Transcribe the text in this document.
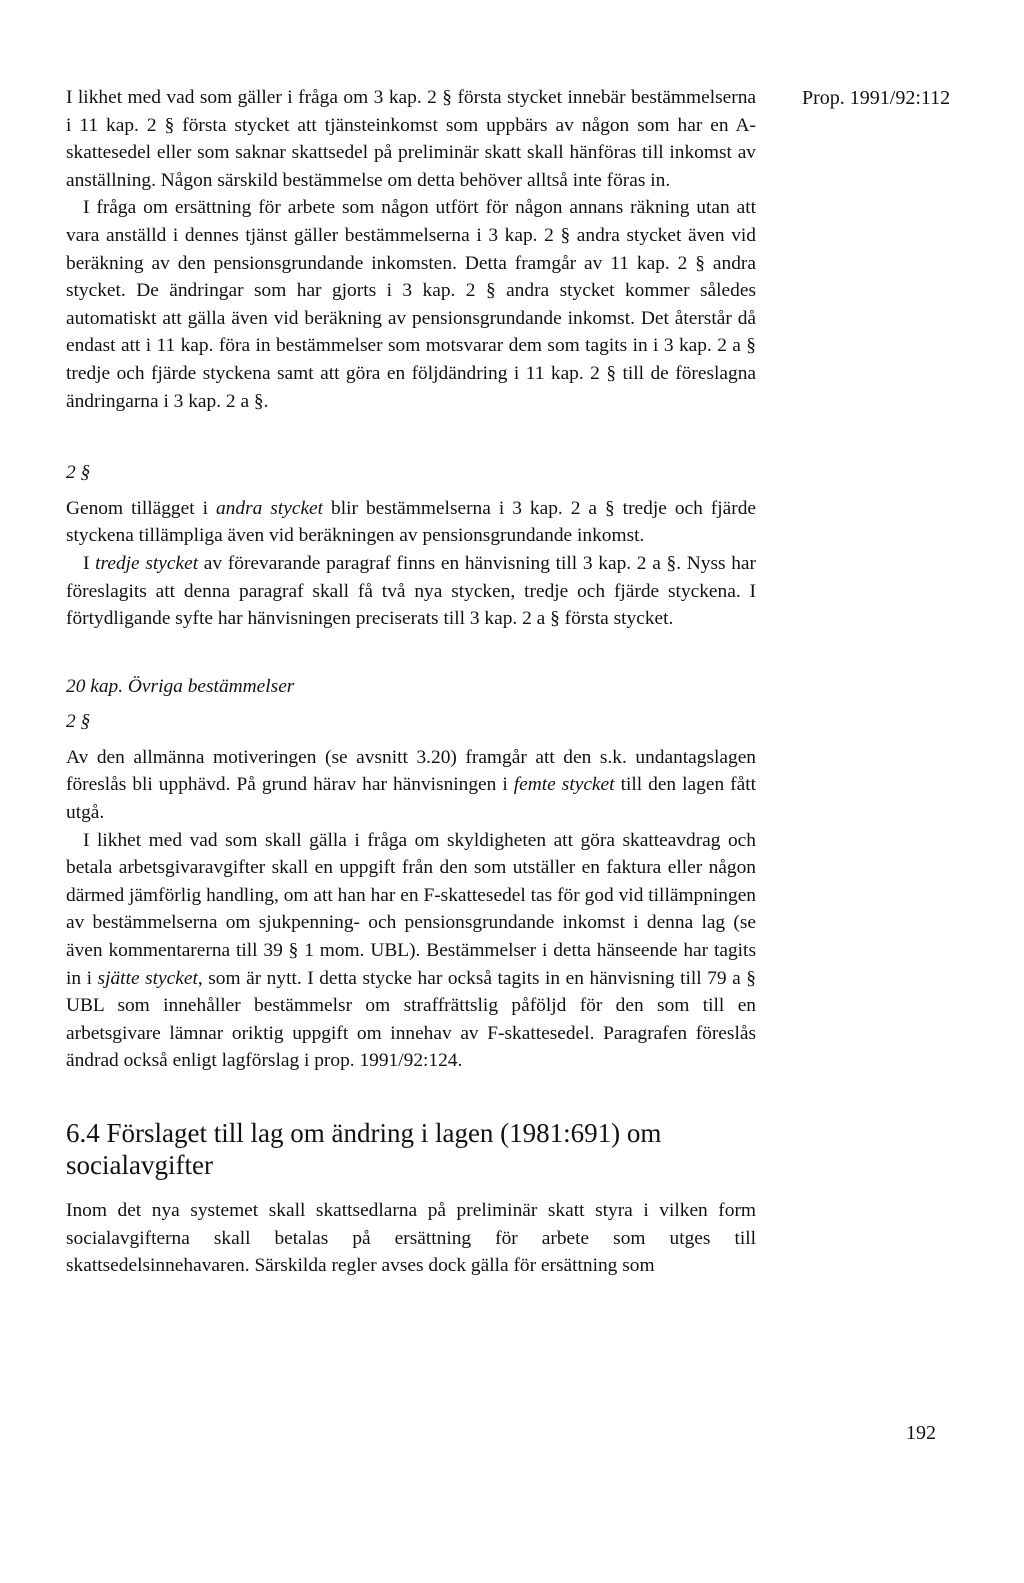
Prop. 1991/92:112

I likhet med vad som gäller i fråga om 3 kap. 2 § första stycket innebär bestämmelserna i 11 kap. 2 § första stycket att tjänsteinkomst som uppbärs av någon som har en A-skattesedel eller som saknar skattsedel på preliminär skatt skall hänföras till inkomst av anställning. Någon särskild bestämmelse om detta behöver alltså inte föras in.

I fråga om ersättning för arbete som någon utfört för någon annans räkning utan att vara anställd i dennes tjänst gäller bestämmelserna i 3 kap. 2 § andra stycket även vid beräkning av den pensionsgrundande inkomsten. Detta framgår av 11 kap. 2 § andra stycket. De ändringar som har gjorts i 3 kap. 2 § andra stycket kommer således automatiskt att gälla även vid beräkning av pensionsgrundande inkomst. Det återstår då endast att i 11 kap. föra in bestämmelser som motsvarar dem som tagits in i 3 kap. 2 a § tredje och fjärde styckena samt att göra en följdändring i 11 kap. 2 § till de föreslagna ändringarna i 3 kap. 2 a §.

2 §

Genom tillägget i andra stycket blir bestämmelserna i 3 kap. 2 a § tredje och fjärde styckena tillämpliga även vid beräkningen av pensionsgrundande inkomst.

I tredje stycket av förevarande paragraf finns en hänvisning till 3 kap. 2 a §. Nyss har föreslagits att denna paragraf skall få två nya stycken, tredje och fjärde styckena. I förtydligande syfte har hänvisningen preciserats till 3 kap. 2 a § första stycket.

20 kap. Övriga bestämmelser

2 §

Av den allmänna motiveringen (se avsnitt 3.20) framgår att den s.k. undantagslagen föreslås bli upphävd. På grund härav har hänvisningen i femte stycket till den lagen fått utgå.

I likhet med vad som skall gälla i fråga om skyldigheten att göra skatteavdrag och betala arbetsgivaravgifter skall en uppgift från den som utställer en faktura eller någon därmed jämförlig handling, om att han har en F-skattesedel tas för god vid tillämpningen av bestämmelserna om sjukpenning- och pensionsgrundande inkomst i denna lag (se även kommentarerna till 39 § 1 mom. UBL). Bestämmelser i detta hänseende har tagits in i sjätte stycket, som är nytt. I detta stycke har också tagits in en hänvisning till 79 a § UBL som innehåller bestämmelsr om straffrättslig påföljd för den som till en arbetsgivare lämnar oriktig uppgift om innehav av F-skattesedel. Paragrafen föreslås ändrad också enligt lagförslag i prop. 1991/92:124.

6.4 Förslaget till lag om ändring i lagen (1981:691) om socialavgifter

Inom det nya systemet skall skattsedlarna på preliminär skatt styra i vilken form socialavgifterna skall betalas på ersättning för arbete som utges till skattsedelsinnehavaren. Särskilda regler avses dock gälla för ersättning som

192
